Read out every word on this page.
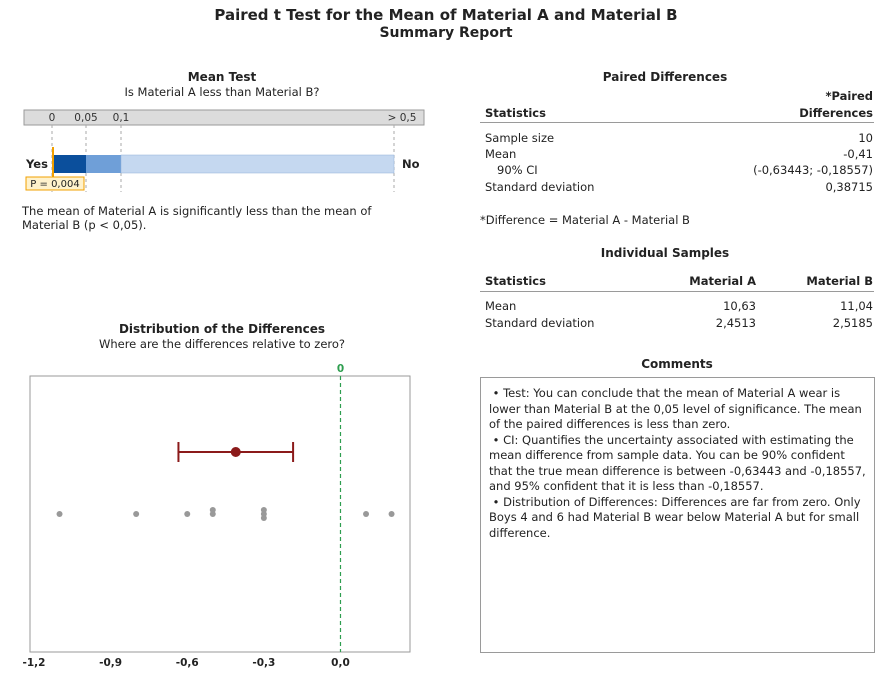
Paired t Test for the Mean of Material A and Material B
Summary Report
Mean Test
Is Material A less than Material B?
0 0,05 0,1	> 0,5
Yes	No
P = 0,004
The mean of Material A is significantly less than the mean of Material B (p < 0,05).
Distribution of the Differences
Where are the differences relative to zero?
0
-1,2	-0,9	-0,6	-0,3	0,0
Paired Differences
*Paired
Statistics	Differences
Sample size	10
Mean	-0,41
90% CI	(-0,63443; -0,18557)
Standard deviation	0,38715
*Difference = Material A - Material B
Individual Samples
Statistics	Material A	Material B
Mean	10,63	11,04
Standard deviation	2,4513	2,5185
Comments
• Test: You can conclude that the mean of Material A wear is lower than Material B at the 0,05 level of significance. The mean of the paired differences is less than zero.
• CI: Quantifies the uncertainty associated with estimating the mean difference from sample data. You can be 90% confident that the true mean difference is between -0,63443 and -0,18557, and 95% confident that it is less than -0,18557.
• Distribution of Differences: Differences are far from zero. Only Boys 4 and 6 had Material B wear below Material A but for small difference.
